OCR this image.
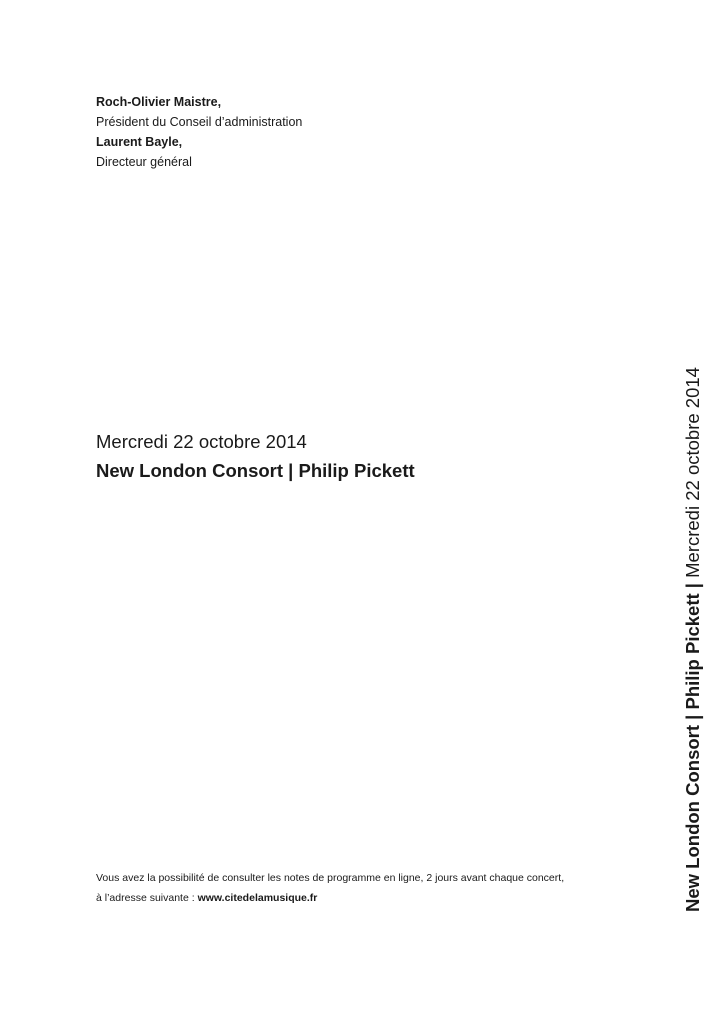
Roch-Olivier Maistre,

Président du Conseil d’administration

Laurent Bayle,

Directeur général

Mercredi 22 octobre 2014
New London Consort | Philip Pickett

Vous avez la possibilité de consulter les notes de programme en ligne, 2 jours avant chaque concert,

à l’adresse suivante : www.citedelamusique.fr	New London Consort | Philip Pickett | Mercredi 22 octobre 2014
